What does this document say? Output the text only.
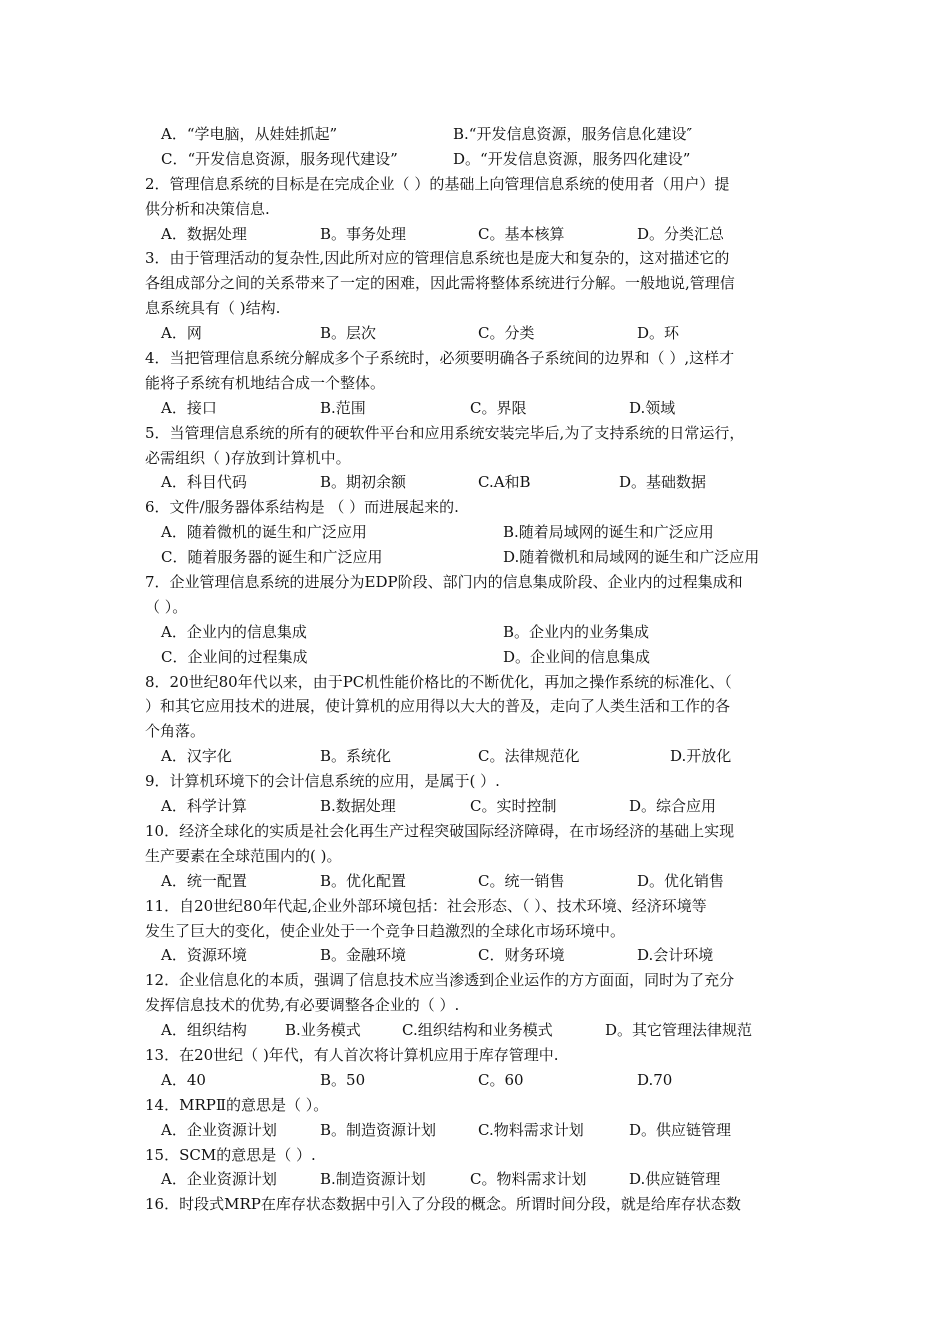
A．“学电脑，从娃娃抓起”	B.“开发信息资源，服务信息化建设″
C．“开发信息资源，服务现代建设”	D。“开发信息资源，服务四化建设”
2．管理信息系统的目标是在完成企业（ ）的基础上向管理信息系统的使用者（用户）提
供分析和决策信息.
A．数据处理	B。事务处理	C。基本核算	D。分类汇总
3．由于管理活动的复杂性,因此所对应的管理信息系统也是庞大和复杂的，这对描述它的
各组成部分之间的关系带来了一定的困难，因此需将整体系统进行分解。一般地说,管理信
息系统具有（ )结构.
A．网	B。层次	C。分类	D。环
4．当把管理信息系统分解成多个子系统时，必须要明确各子系统间的边界和（ ）,这样才
能将子系统有机地结合成一个整体。
A．接口	B.范围	C。界限	D.领域
5．当管理信息系统的所有的硬软件平台和应用系统安装完毕后,为了支持系统的日常运行，
必需组织（ )存放到计算机中。
A．科目代码	B。期初余额	C.A和B	D。基础数据
6．文件/服务器体系结构是 （ ）而进展起来的.
A．随着微机的诞生和广泛应用	B.随着局域网的诞生和广泛应用
C．随着服务器的诞生和广泛应用	D.随着微机和局域网的诞生和广泛应用
7．企业管理信息系统的进展分为EDP阶段、部门内的信息集成阶段、企业内的过程集成和
（ ）。
A．企业内的信息集成	B。企业内的业务集成
C．企业间的过程集成	D。企业间的信息集成
8．20世纪80年代以来，由于PC机性能价格比的不断优化，再加之操作系统的标准化、（
）和其它应用技术的进展，使计算机的应用得以大大的普及，走向了人类生活和工作的各
个角落。
A．汉字化	B。系统化	C。法律规范化	D.开放化
9．计算机环境下的会计信息系统的应用，是属于( ）.
A．科学计算	B.数据处理	C。实时控制	D。综合应用
10．经济全球化的实质是社会化再生产过程突破国际经济障碍，在市场经济的基础上实现
生产要素在全球范围内的( )。
A．统一配置	B。优化配置	C。统一销售	D。优化销售
11．自20世纪80年代起,企业外部环境包括：社会形态、（ ）、技术环境、经济环境等
发生了巨大的变化，使企业处于一个竞争日趋激烈的全球化市场环境中。
A．资源环境	B。金融环境	C．财务环境	D.会计环境
12．企业信息化的本质，强调了信息技术应当渗透到企业运作的方方面面，同时为了充分
发挥信息技术的优势,有必要调整各企业的（ ）.
A．组织结构	B.业务模式	C.组织结构和业务模式	D。其它管理法律规范
13．在20世纪（ )年代，有人首次将计算机应用于库存管理中.
A．40	B。50	C。60	D.70
14．MRPⅡ的意思是（ ）。
A．企业资源计划	B。制造资源计划	C.物料需求计划	D。供应链管理
15．SCM的意思是（ ）.
A．企业资源计划	B.制造资源计划	C。物料需求计划	D.供应链管理
16．时段式MRP在库存状态数据中引入了分段的概念。所谓时间分段，就是给库存状态数
